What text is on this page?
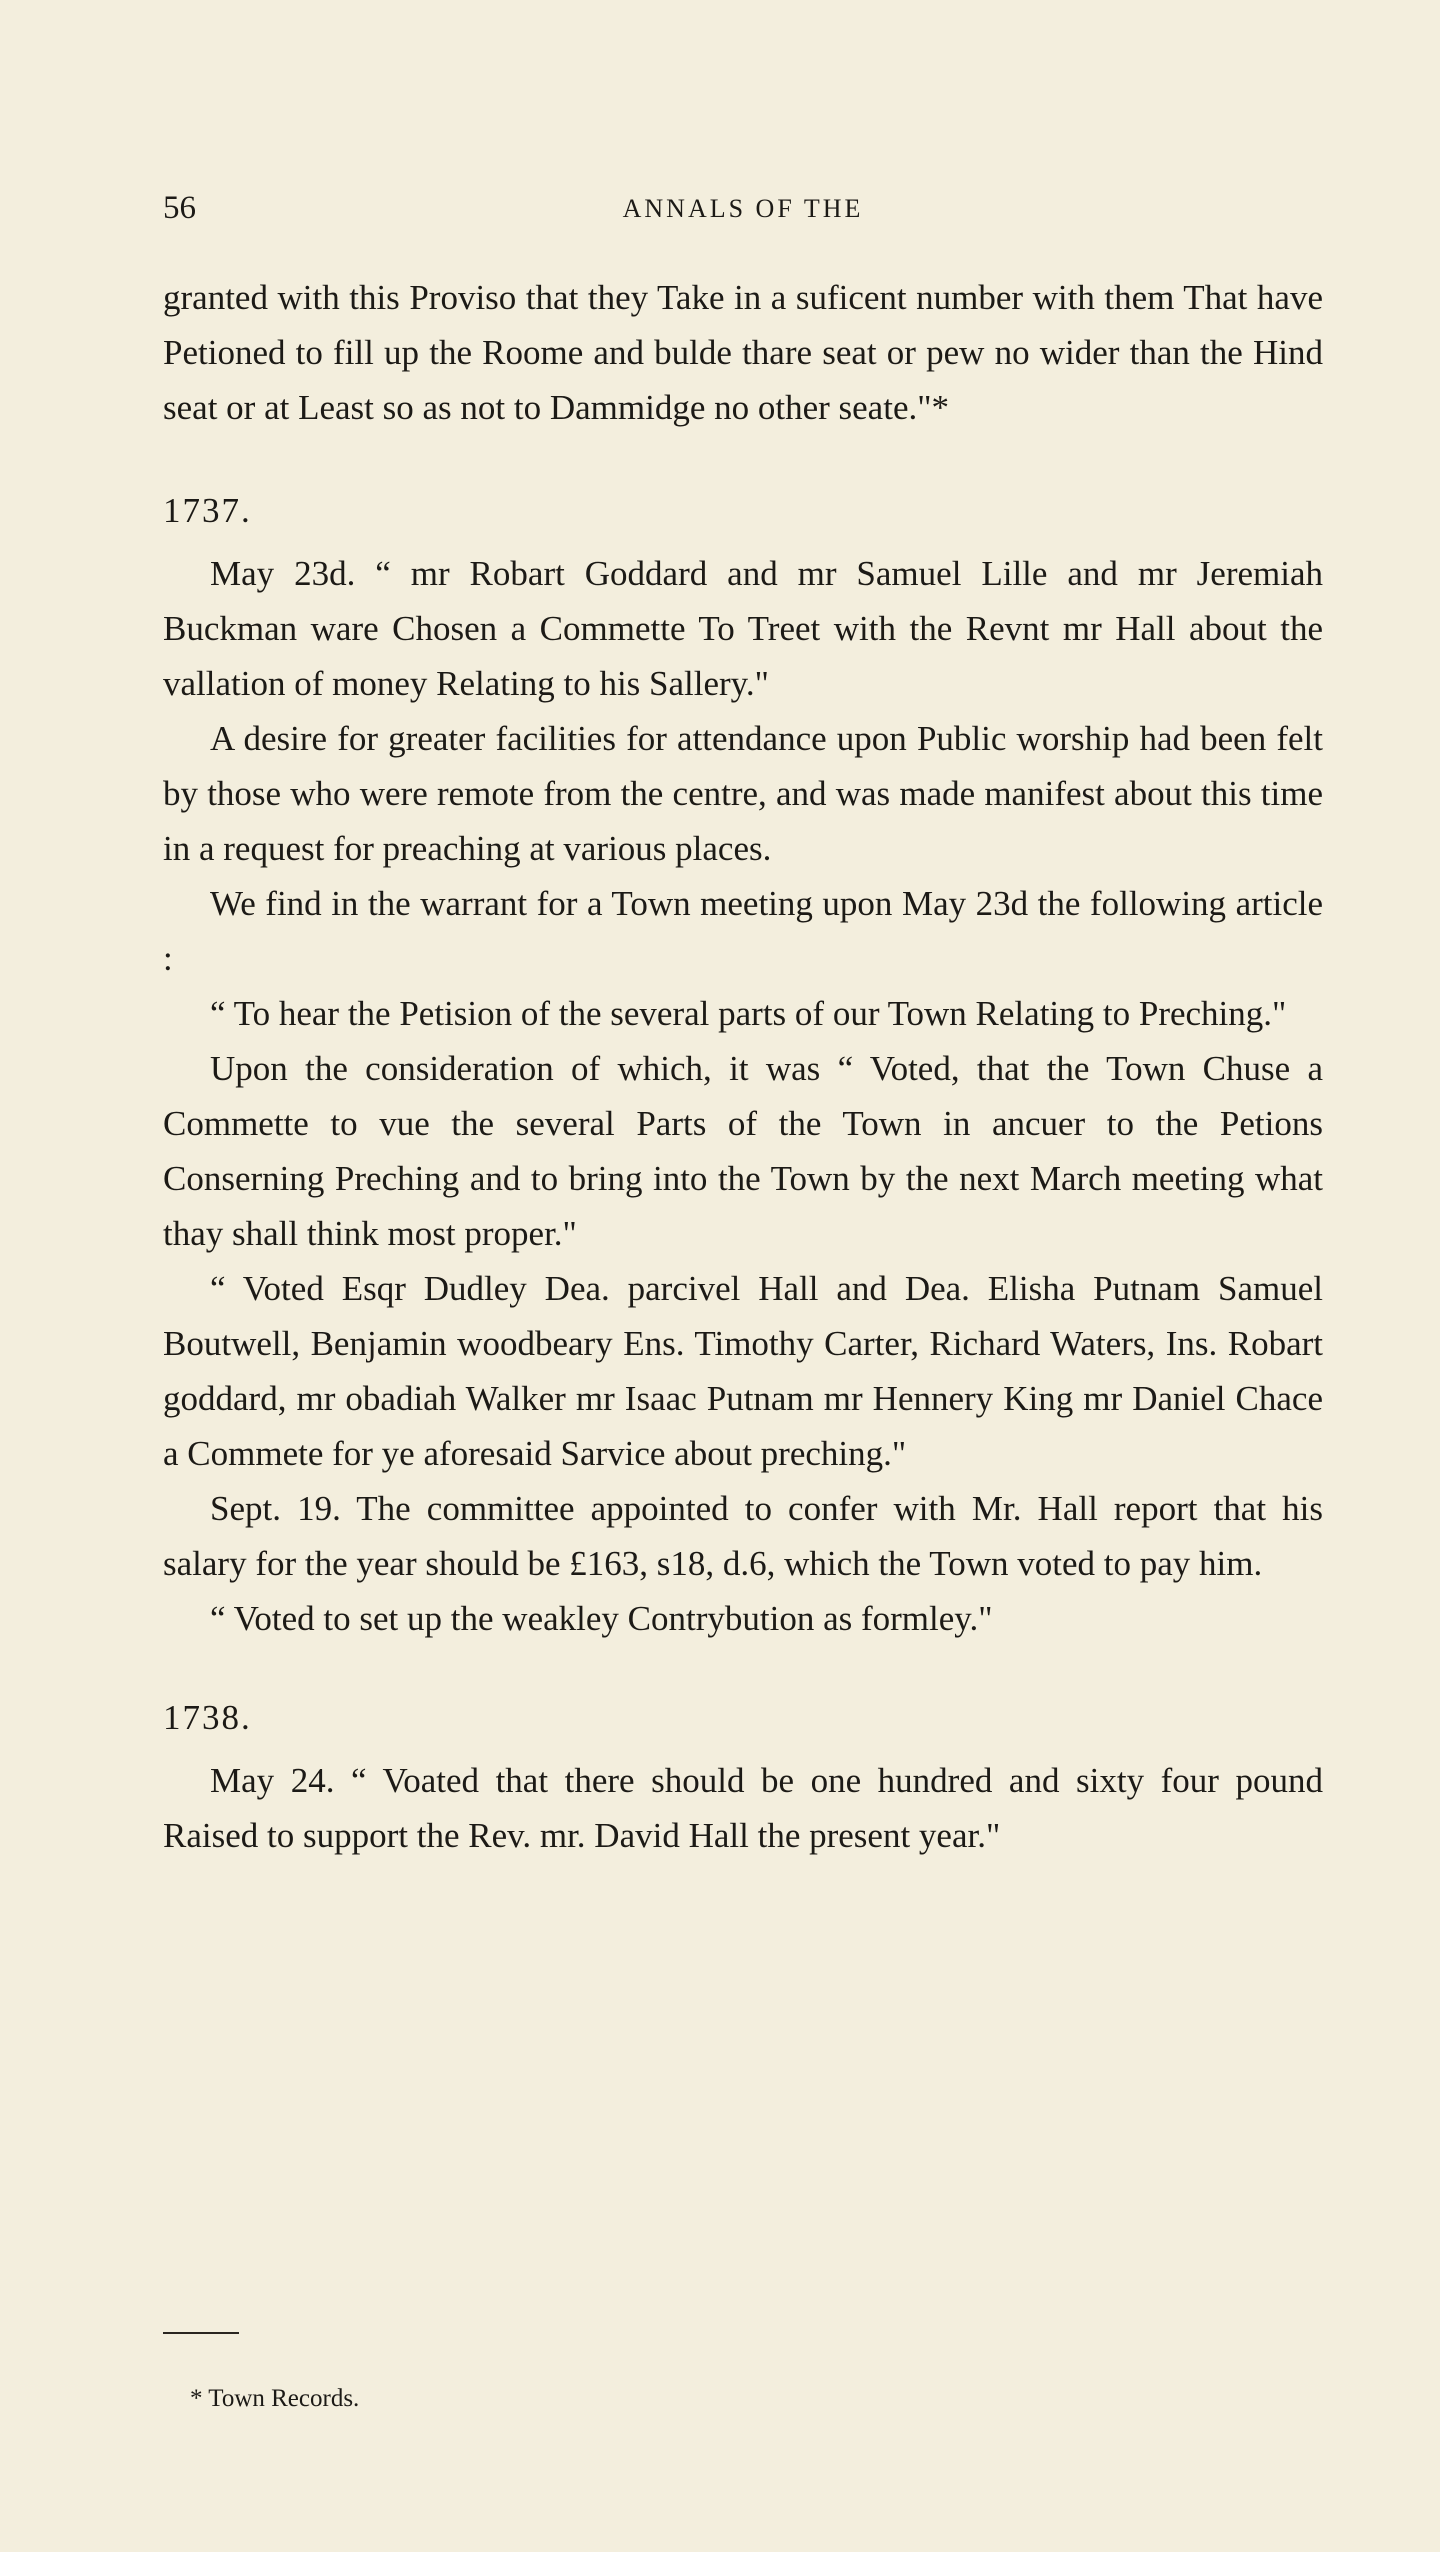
56	ANNALS OF THE

granted with this Proviso that they Take in a suficent number with them That have Petioned to fill up the Roome and bulde thare seat or pew no wider than the Hind seat or at Least so as not to Dammidge no other seate."*

1737.

May 23d. “ mr Robart Goddard and mr Samuel Lille and mr Jeremiah Buckman ware Chosen a Commette To Treet with the Revnt mr Hall about the vallation of money Relating to his Sallery."

A desire for greater facilities for attendance upon Public worship had been felt by those who were remote from the centre, and was made manifest about this time in a request for preaching at various places.

We find in the warrant for a Town meeting upon May 23d the following article :

“ To hear the Petision of the several parts of our Town Relating to Preching."

Upon the consideration of which, it was “ Voted, that the Town Chuse a Commette to vue the several Parts of the Town in ancuer to the Petions Conserning Preching and to bring into the Town by the next March meeting what thay shall think most proper."

“ Voted Esqr Dudley Dea. parcivel Hall and Dea. Elisha Putnam Samuel Boutwell, Benjamin woodbeary Ens. Timothy Carter, Richard Waters, Ins. Robart goddard, mr obadiah Walker mr Isaac Putnam mr Hennery King mr Daniel Chace a Commete for ye aforesaid Sarvice about preching."

Sept. 19. The committee appointed to confer with Mr. Hall report that his salary for the year should be £163, s18, d.6, which the Town voted to pay him.

“ Voted to set up the weakley Contrybution as formley."

1738.

May 24. “ Voated that there should be one hundred and sixty four pound Raised to support the Rev. mr. David Hall the present year."

* Town Records.
